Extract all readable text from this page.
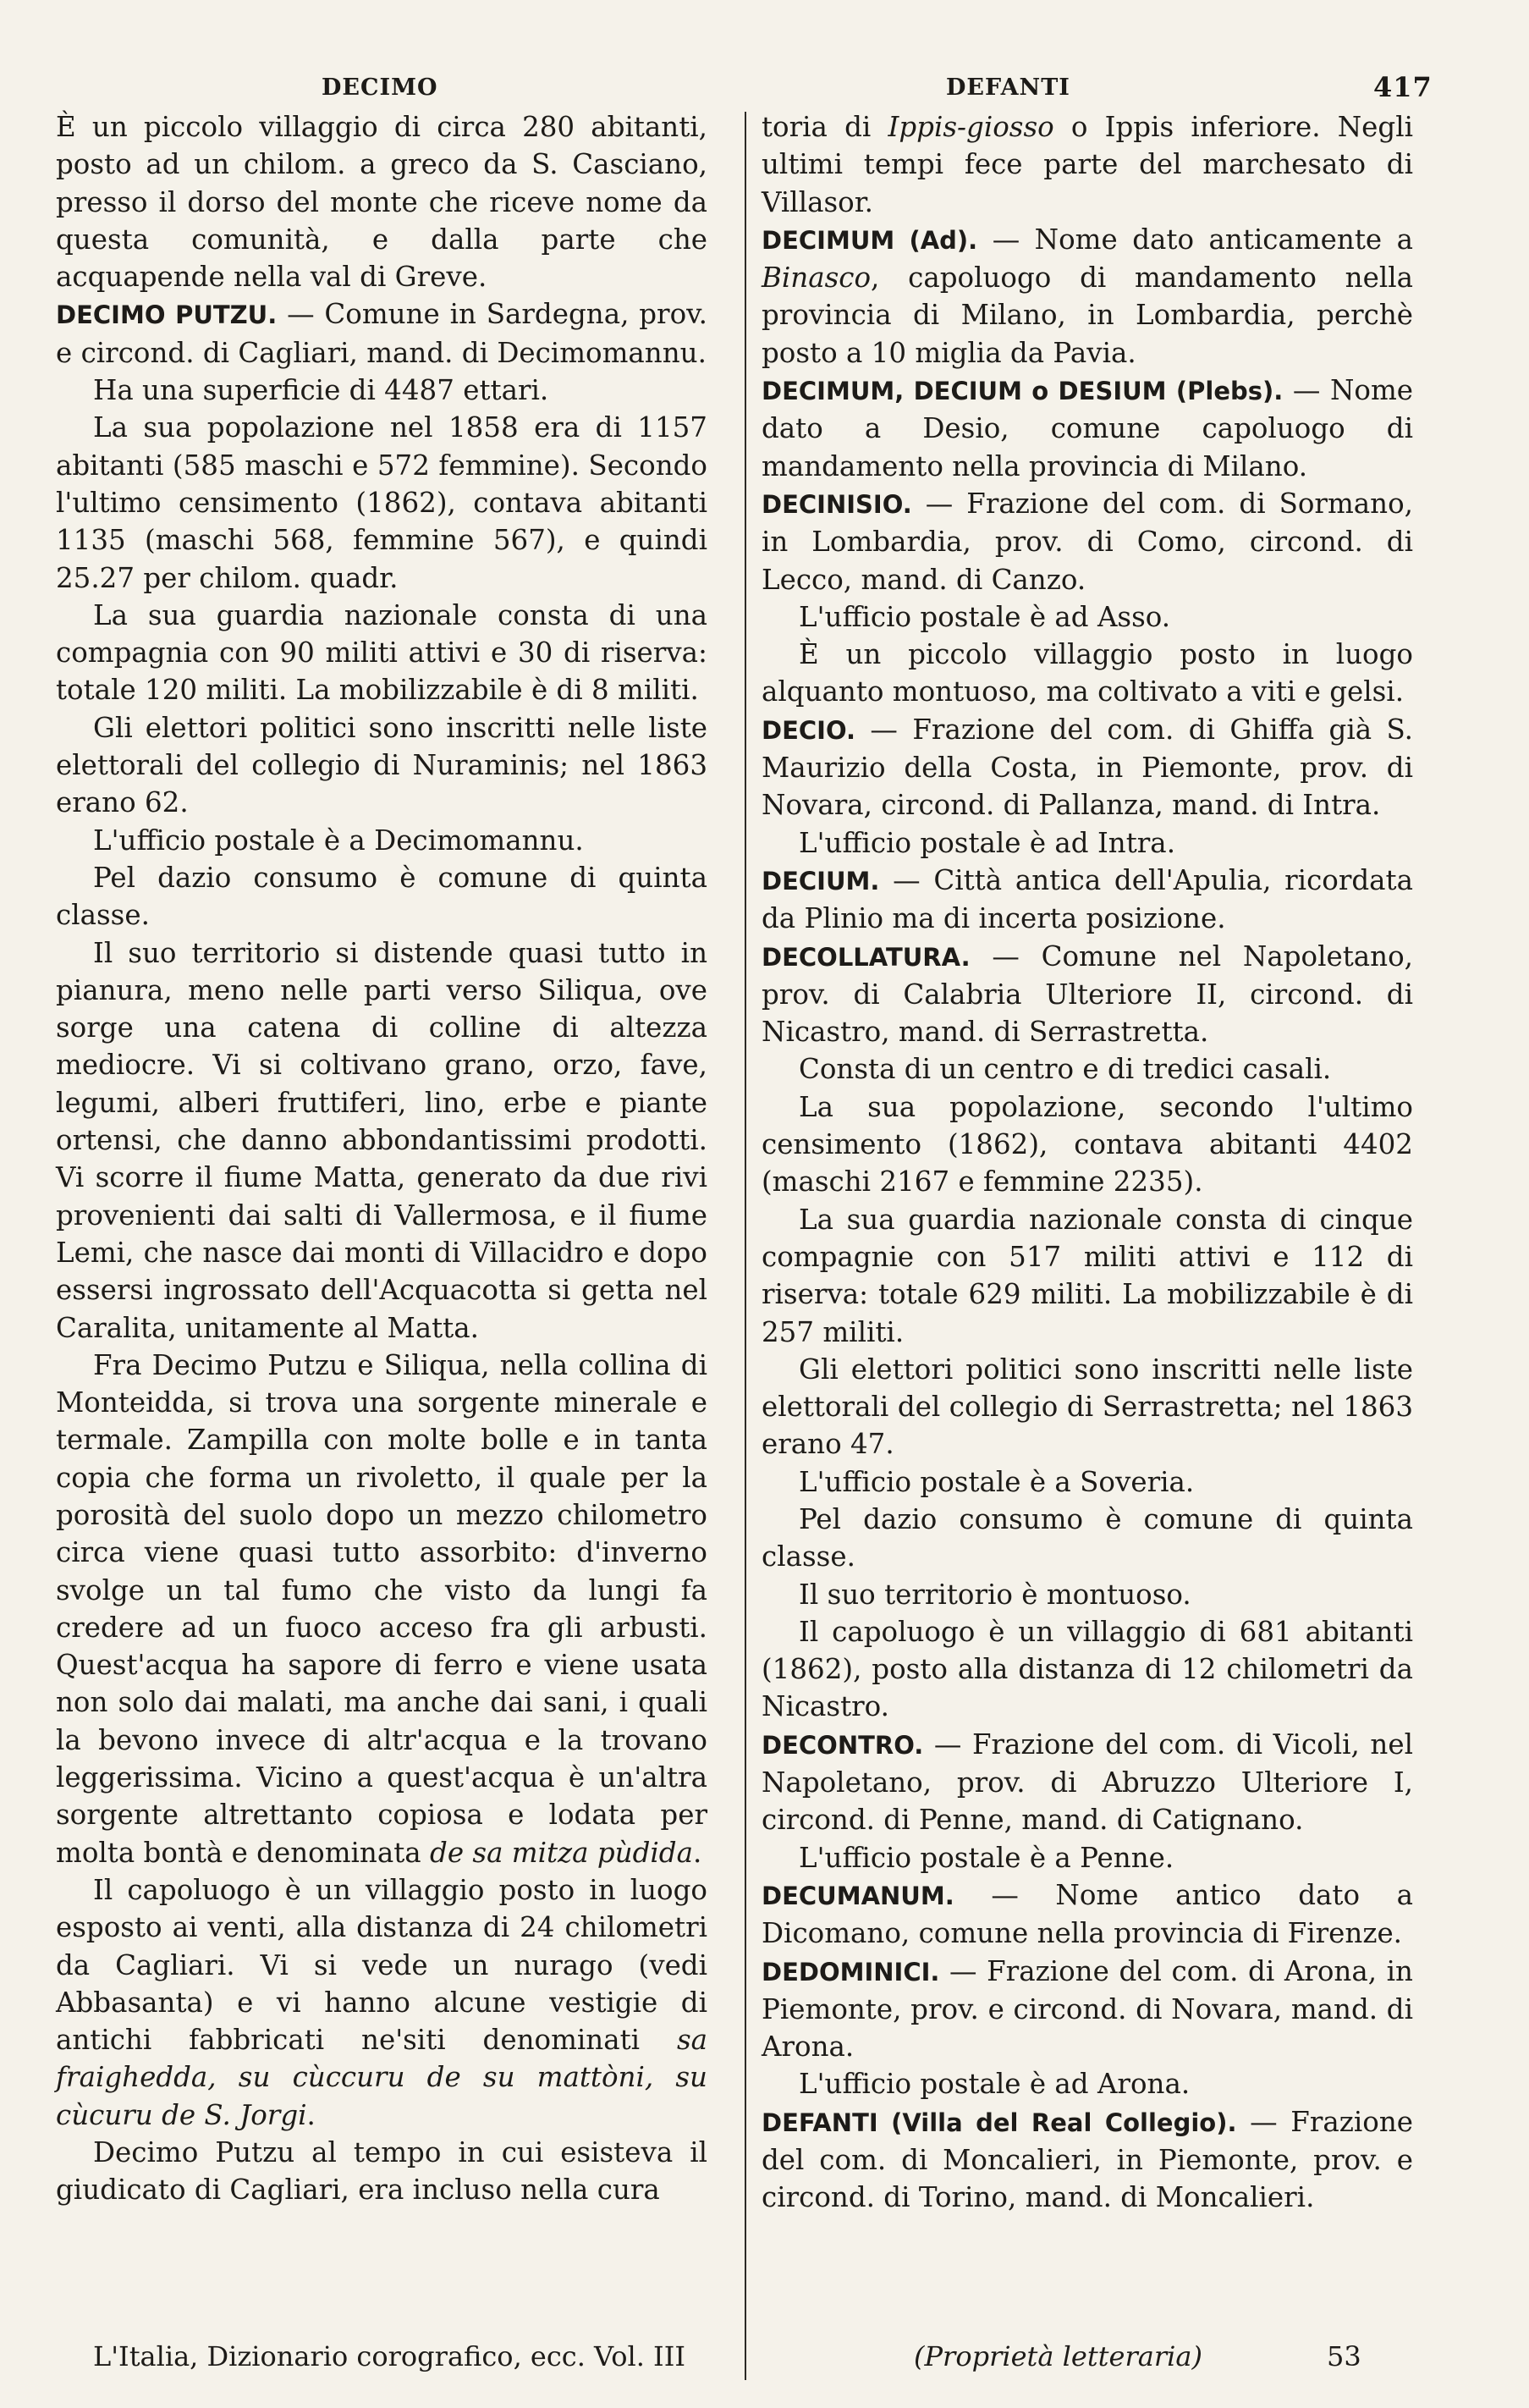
DECIMO	DEFANTI	417

È un piccolo villaggio di circa 280 abitanti, posto ad un chilom. a greco da S. Casciano, presso il dorso del monte che riceve nome da questa comunità, e dalla parte che acquapende nella val di Greve.

DECIMO PUTZU. — Comune in Sardegna, prov. e circond. di Cagliari, mand. di Decimomannu.

Ha una superficie di 4487 ettari.

La sua popolazione nel 1858 era di 1157 abitanti (585 maschi e 572 femmine). Secondo l'ultimo censimento (1862), contava abitanti 1135 (maschi 568, femmine 567), e quindi 25.27 per chilom. quadr.

La sua guardia nazionale consta di una compagnia con 90 militi attivi e 30 di riserva: totale 120 militi. La mobilizzabile è di 8 militi.

Gli elettori politici sono inscritti nelle liste elettorali del collegio di Nuraminis; nel 1863 erano 62.

L'ufficio postale è a Decimomannu.

Pel dazio consumo è comune di quinta classe.

Il suo territorio si distende quasi tutto in pianura, meno nelle parti verso Siliqua, ove sorge una catena di colline di altezza mediocre. Vi si coltivano grano, orzo, fave, legumi, alberi fruttiferi, lino, erbe e piante ortensi, che danno abbondantissimi prodotti. Vi scorre il fiume Matta, generato da due rivi provenienti dai salti di Vallermosa, e il fiume Lemi, che nasce dai monti di Villacidro e dopo essersi ingrossato dell'Acquacotta si getta nel Caralita, unitamente al Matta.

Fra Decimo Putzu e Siliqua, nella collina di Monteidda, si trova una sorgente minerale e termale. Zampilla con molte bolle e in tanta copia che forma un rivoletto, il quale per la porosità del suolo dopo un mezzo chilometro circa viene quasi tutto assorbito: d'inverno svolge un tal fumo che visto da lungi fa credere ad un fuoco acceso fra gli arbusti. Quest'acqua ha sapore di ferro e viene usata non solo dai malati, ma anche dai sani, i quali la bevono invece di altr'acqua e la trovano leggerissima. Vicino a quest'acqua è un'altra sorgente altrettanto copiosa e lodata per molta bontà e denominata de sa mitza pùdida.

Il capoluogo è un villaggio posto in luogo esposto ai venti, alla distanza di 24 chilometri da Cagliari. Vi si vede un nurago (vedi Abbasanta) e vi hanno alcune vestigie di antichi fabbricati ne'siti denominati sa fraighedda, su cùccuru de su mattòni, su cùcuru de S. Jorgi.

Decimo Putzu al tempo in cui esisteva il giudicato di Cagliari, era incluso nella cura

toria di Ippis-giosso o Ippis inferiore. Negli ultimi tempi fece parte del marchesato di Villasor.

DECIMUM (Ad). — Nome dato anticamente a Binasco, capoluogo di mandamento nella provincia di Milano, in Lombardia, perchè posto a 10 miglia da Pavia.

DECIMUM, DECIUM o DESIUM (Plebs). — Nome dato a Desio, comune capoluogo di mandamento nella provincia di Milano.

DECINISIO. — Frazione del com. di Sormano, in Lombardia, prov. di Como, circond. di Lecco, mand. di Canzo.

L'ufficio postale è ad Asso.

È un piccolo villaggio posto in luogo alquanto montuoso, ma coltivato a viti e gelsi.

DECIO. — Frazione del com. di Ghiffa già S. Maurizio della Costa, in Piemonte, prov. di Novara, circond. di Pallanza, mand. di Intra.

L'ufficio postale è ad Intra.

DECIUM. — Città antica dell'Apulia, ricordata da Plinio ma di incerta posizione.

DECOLLATURA. — Comune nel Napoletano, prov. di Calabria Ulteriore II, circond. di Nicastro, mand. di Serrastretta.

Consta di un centro e di tredici casali.

La sua popolazione, secondo l'ultimo censimento (1862), contava abitanti 4402 (maschi 2167 e femmine 2235).

La sua guardia nazionale consta di cinque compagnie con 517 militi attivi e 112 di riserva: totale 629 militi. La mobilizzabile è di 257 militi.

Gli elettori politici sono inscritti nelle liste elettorali del collegio di Serrastretta; nel 1863 erano 47.

L'ufficio postale è a Soveria.

Pel dazio consumo è comune di quinta classe.

Il suo territorio è montuoso.

Il capoluogo è un villaggio di 681 abitanti (1862), posto alla distanza di 12 chilometri da Nicastro.

DECONTRO. — Frazione del com. di Vicoli, nel Napoletano, prov. di Abruzzo Ulteriore I, circond. di Penne, mand. di Catignano.

L'ufficio postale è a Penne.

DECUMANUM. — Nome antico dato a Dicomano, comune nella provincia di Firenze.

DEDOMINICI. — Frazione del com. di Arona, in Piemonte, prov. e circond. di Novara, mand. di Arona.

L'ufficio postale è ad Arona.

DEFANTI (Villa del Real Collegio). — Frazione del com. di Moncalieri, in Piemonte, prov. e circond. di Torino, mand. di Moncalieri.

L'Italia, Dizionario corografico, ecc. Vol. III	(Proprietà letteraria)	53
